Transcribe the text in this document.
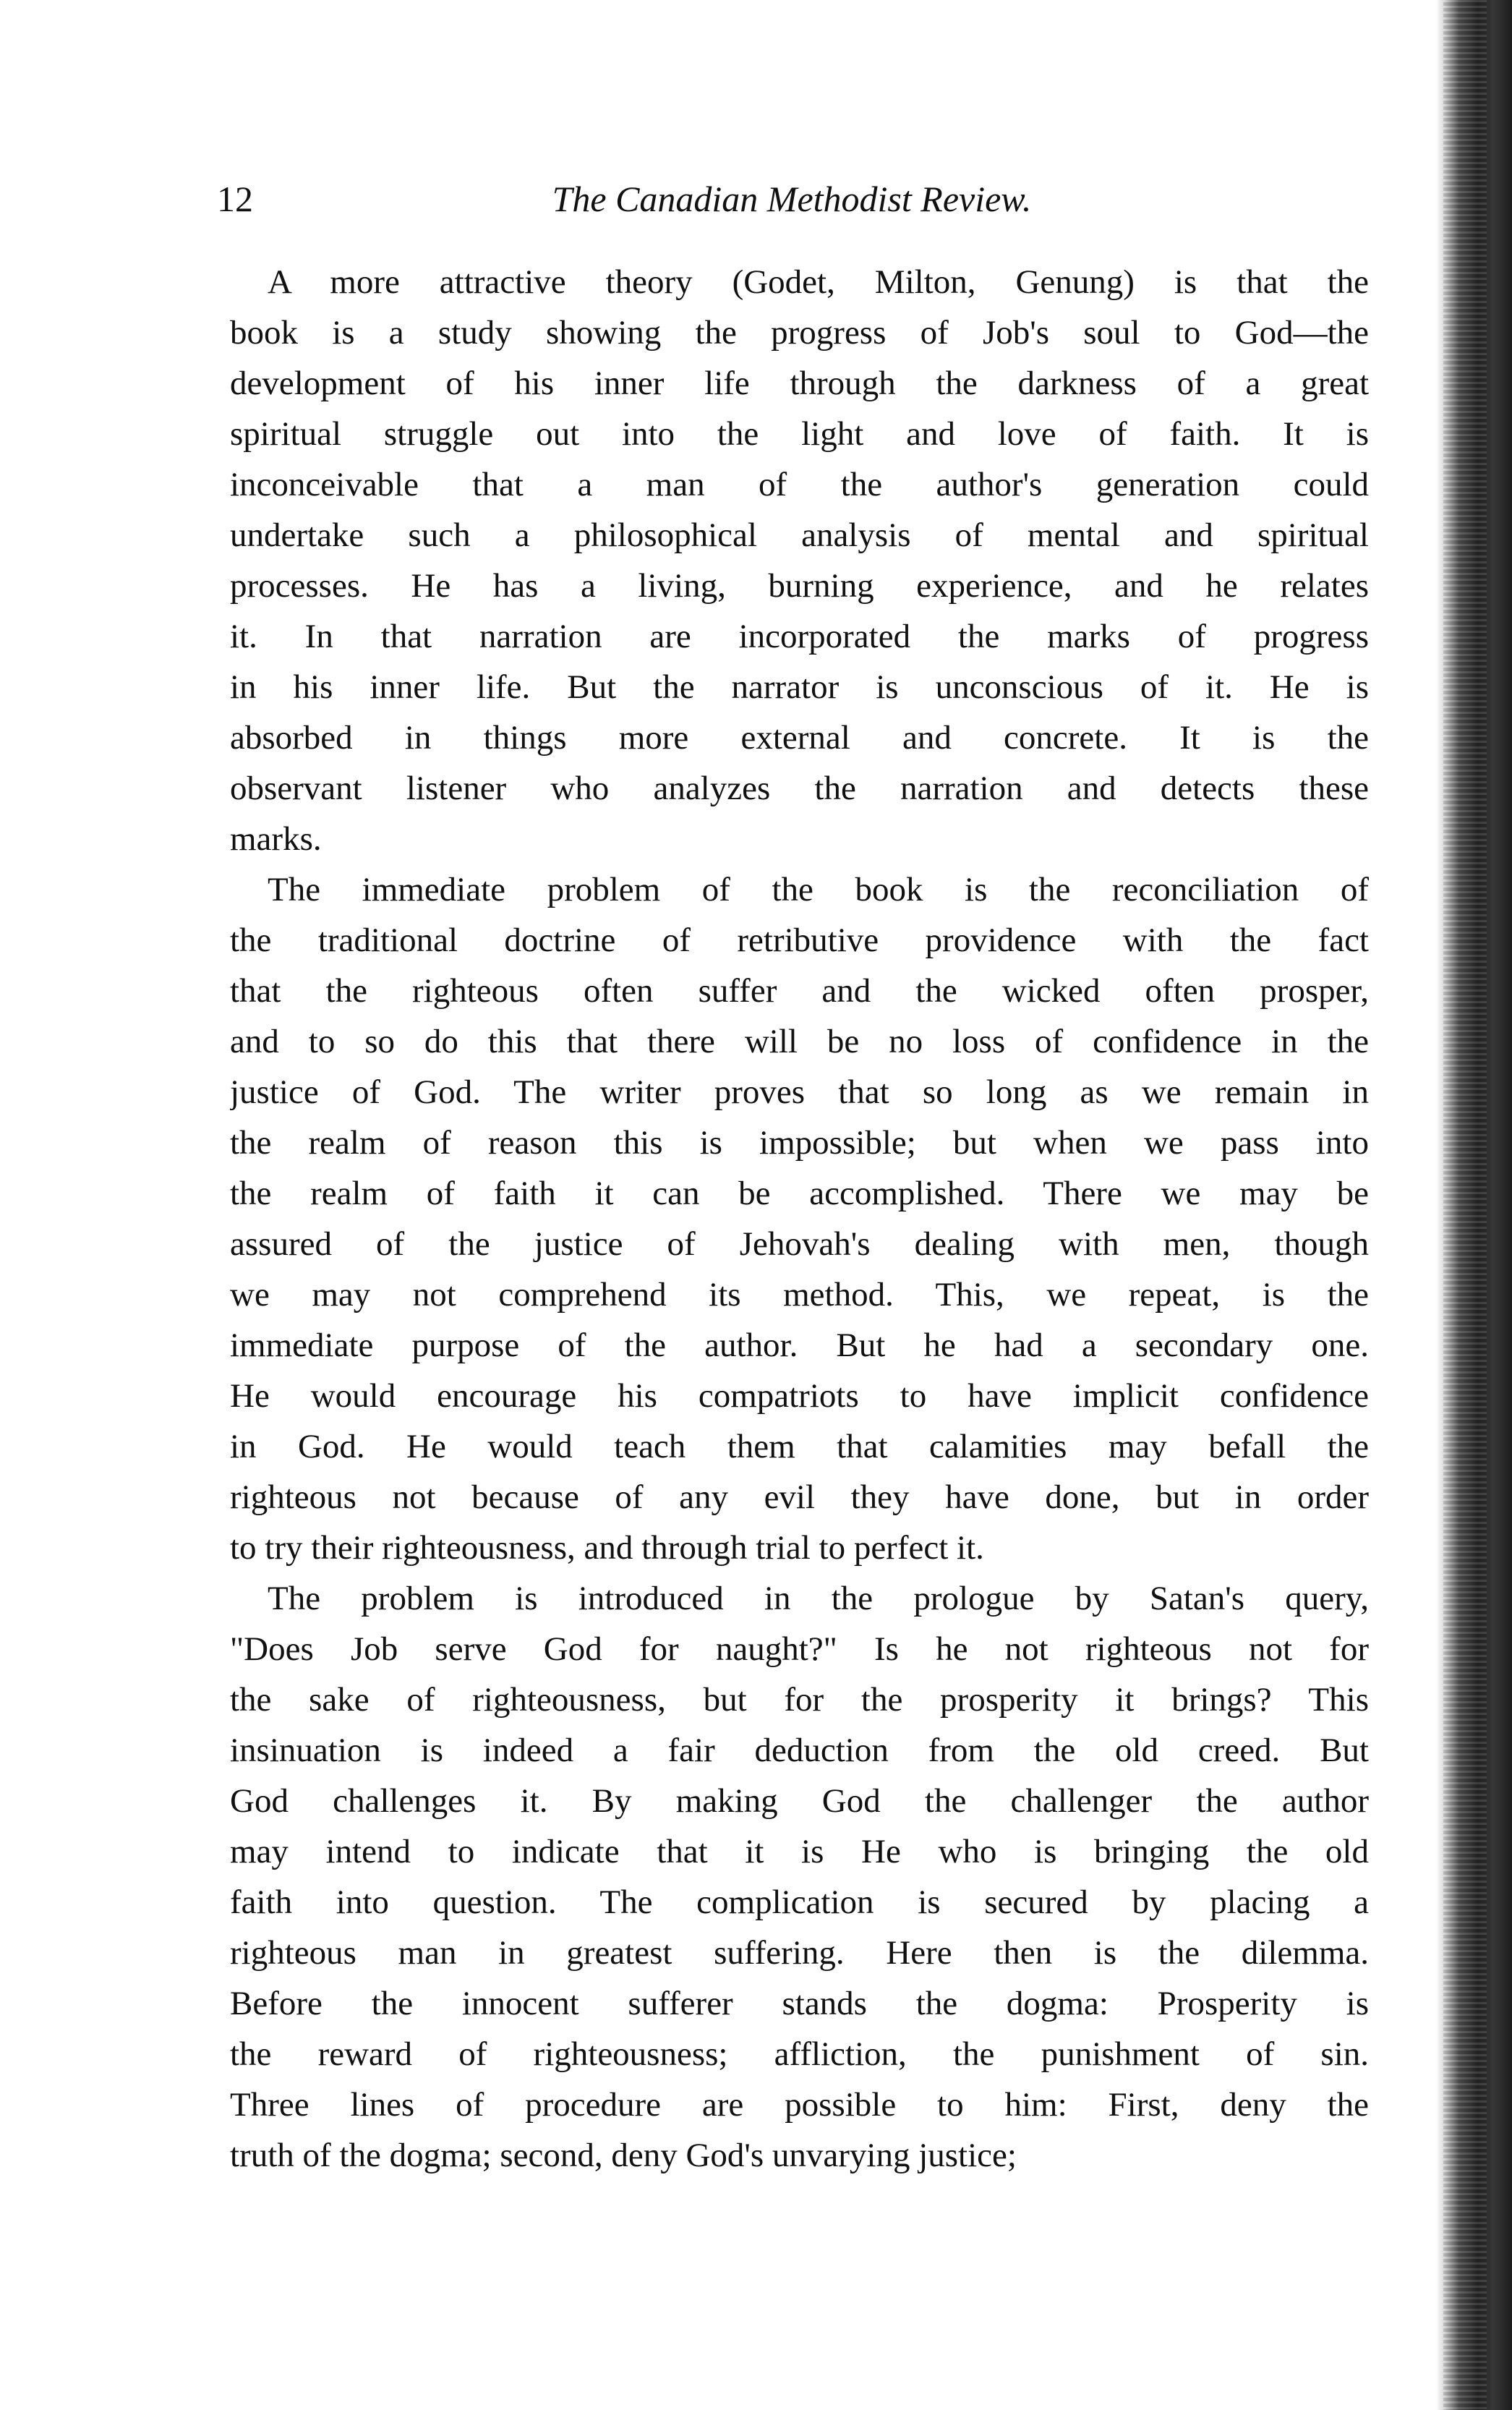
12	The Canadian Methodist Review.
A more attractive theory (Godet, Milton, Genung) is that the
book is a study showing the progress of Job's soul to God—the
development of his inner life through the darkness of a great
spiritual struggle out into the light and love of faith. It is
inconceivable that a man of the author's generation could
undertake such a philosophical analysis of mental and spiritual
processes. He has a living, burning experience, and he relates
it. In that narration are incorporated the marks of progress
in his inner life. But the narrator is unconscious of it. He is
absorbed in things more external and concrete. It is the
observant listener who analyzes the narration and detects these
marks.
The immediate problem of the book is the reconciliation of
the traditional doctrine of retributive providence with the fact
that the righteous often suffer and the wicked often prosper,
and to so do this that there will be no loss of confidence in the
justice of God. The writer proves that so long as we remain in
the realm of reason this is impossible; but when we pass into
the realm of faith it can be accomplished. There we may be
assured of the justice of Jehovah's dealing with men, though
we may not comprehend its method. This, we repeat, is the
immediate purpose of the author. But he had a secondary one.
He would encourage his compatriots to have implicit confidence
in God. He would teach them that calamities may befall the
righteous not because of any evil they have done, but in order
to try their righteousness, and through trial to perfect it.
The problem is introduced in the prologue by Satan's query,
"Does Job serve God for naught?" Is he not righteous not for
the sake of righteousness, but for the prosperity it brings? This
insinuation is indeed a fair deduction from the old creed. But
God challenges it. By making God the challenger the author
may intend to indicate that it is He who is bringing the old
faith into question. The complication is secured by placing a
righteous man in greatest suffering. Here then is the dilemma.
Before the innocent sufferer stands the dogma: Prosperity is
the reward of righteousness; affliction, the punishment of sin.
Three lines of procedure are possible to him: First, deny the
truth of the dogma; second, deny God's unvarying justice;
